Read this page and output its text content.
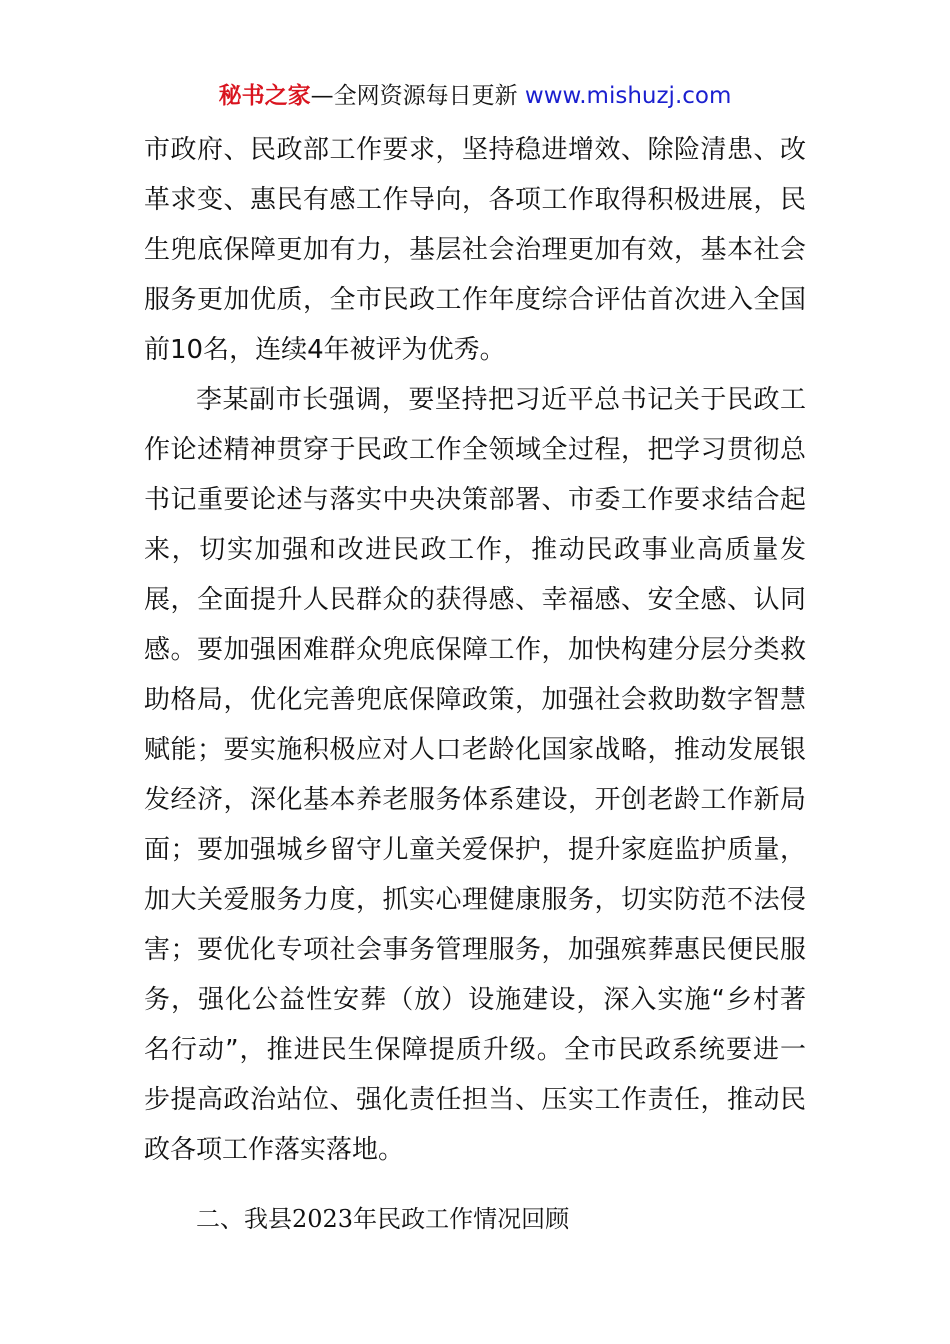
秘书之家—全网资源每日更新 www.mishuzj.com

市政府、民政部工作要求，坚持稳进增效、除险清患、改革求变、惠民有感工作导向，各项工作取得积极进展，民生兜底保障更加有力，基层社会治理更加有效，基本社会服务更加优质，全市民政工作年度综合评估首次进入全国前10名，连续4年被评为优秀。

李某副市长强调，要坚持把习近平总书记关于民政工作论述精神贯穿于民政工作全领域全过程，把学习贯彻总书记重要论述与落实中央决策部署、市委工作要求结合起来，切实加强和改进民政工作，推动民政事业高质量发展，全面提升人民群众的获得感、幸福感、安全感、认同感。要加强困难群众兜底保障工作，加快构建分层分类救助格局，优化完善兜底保障政策，加强社会救助数字智慧赋能；要实施积极应对人口老龄化国家战略，推动发展银发经济，深化基本养老服务体系建设，开创老龄工作新局面；要加强城乡留守儿童关爱保护，提升家庭监护质量，加大关爱服务力度，抓实心理健康服务，切实防范不法侵害；要优化专项社会事务管理服务，加强殡葬惠民便民服务，强化公益性安葬（放）设施建设，深入实施“乡村著名行动”，推进民生保障提质升级。全市民政系统要进一步提高政治站位、强化责任担当、压实工作责任，推动民政各项工作落实落地。

二、我县2023年民政工作情况回顾
